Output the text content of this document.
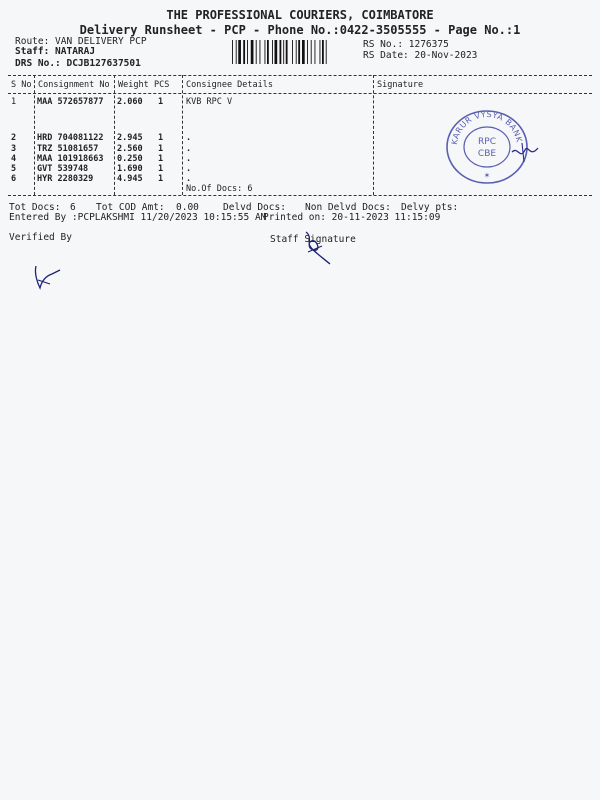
THE PROFESSIONAL COURIERS, COIMBATORE
Delivery Runsheet - PCP - Phone No.:0422-3505555 - Page No.:1
Route: VAN DELIVERY PCP
Staff: NATARAJ
DRS No.: DCJB127637501
RS No.: 1276375
RS Date: 20-Nov-2023
S No Consignment No Weight PCS Consignee Details	Signature
1 MAA 572657877 2.060 1	KVB RPC V
2 HRD 704081122 2.945 1	.
3 TRZ 51081657 2.560 1	.
4 MAA 101918663 0.250 1	.
5 GVT 539748	1.690 1	.
6 HYR 2280329	4.945 1	.
No.Of Docs: 6
KARUR VYSYA BANK
RPC
CBE
✶
Tot Docs: 6 Tot COD Amt: 0.00	Delvd Docs: Non Delvd Docs: Delvy pts:
Entered By :PCPLAKSHMI 11/20/2023 10:15:55 AM
Printed on: 20-11-2023 11:15:09
Verified By	Staff Signature
